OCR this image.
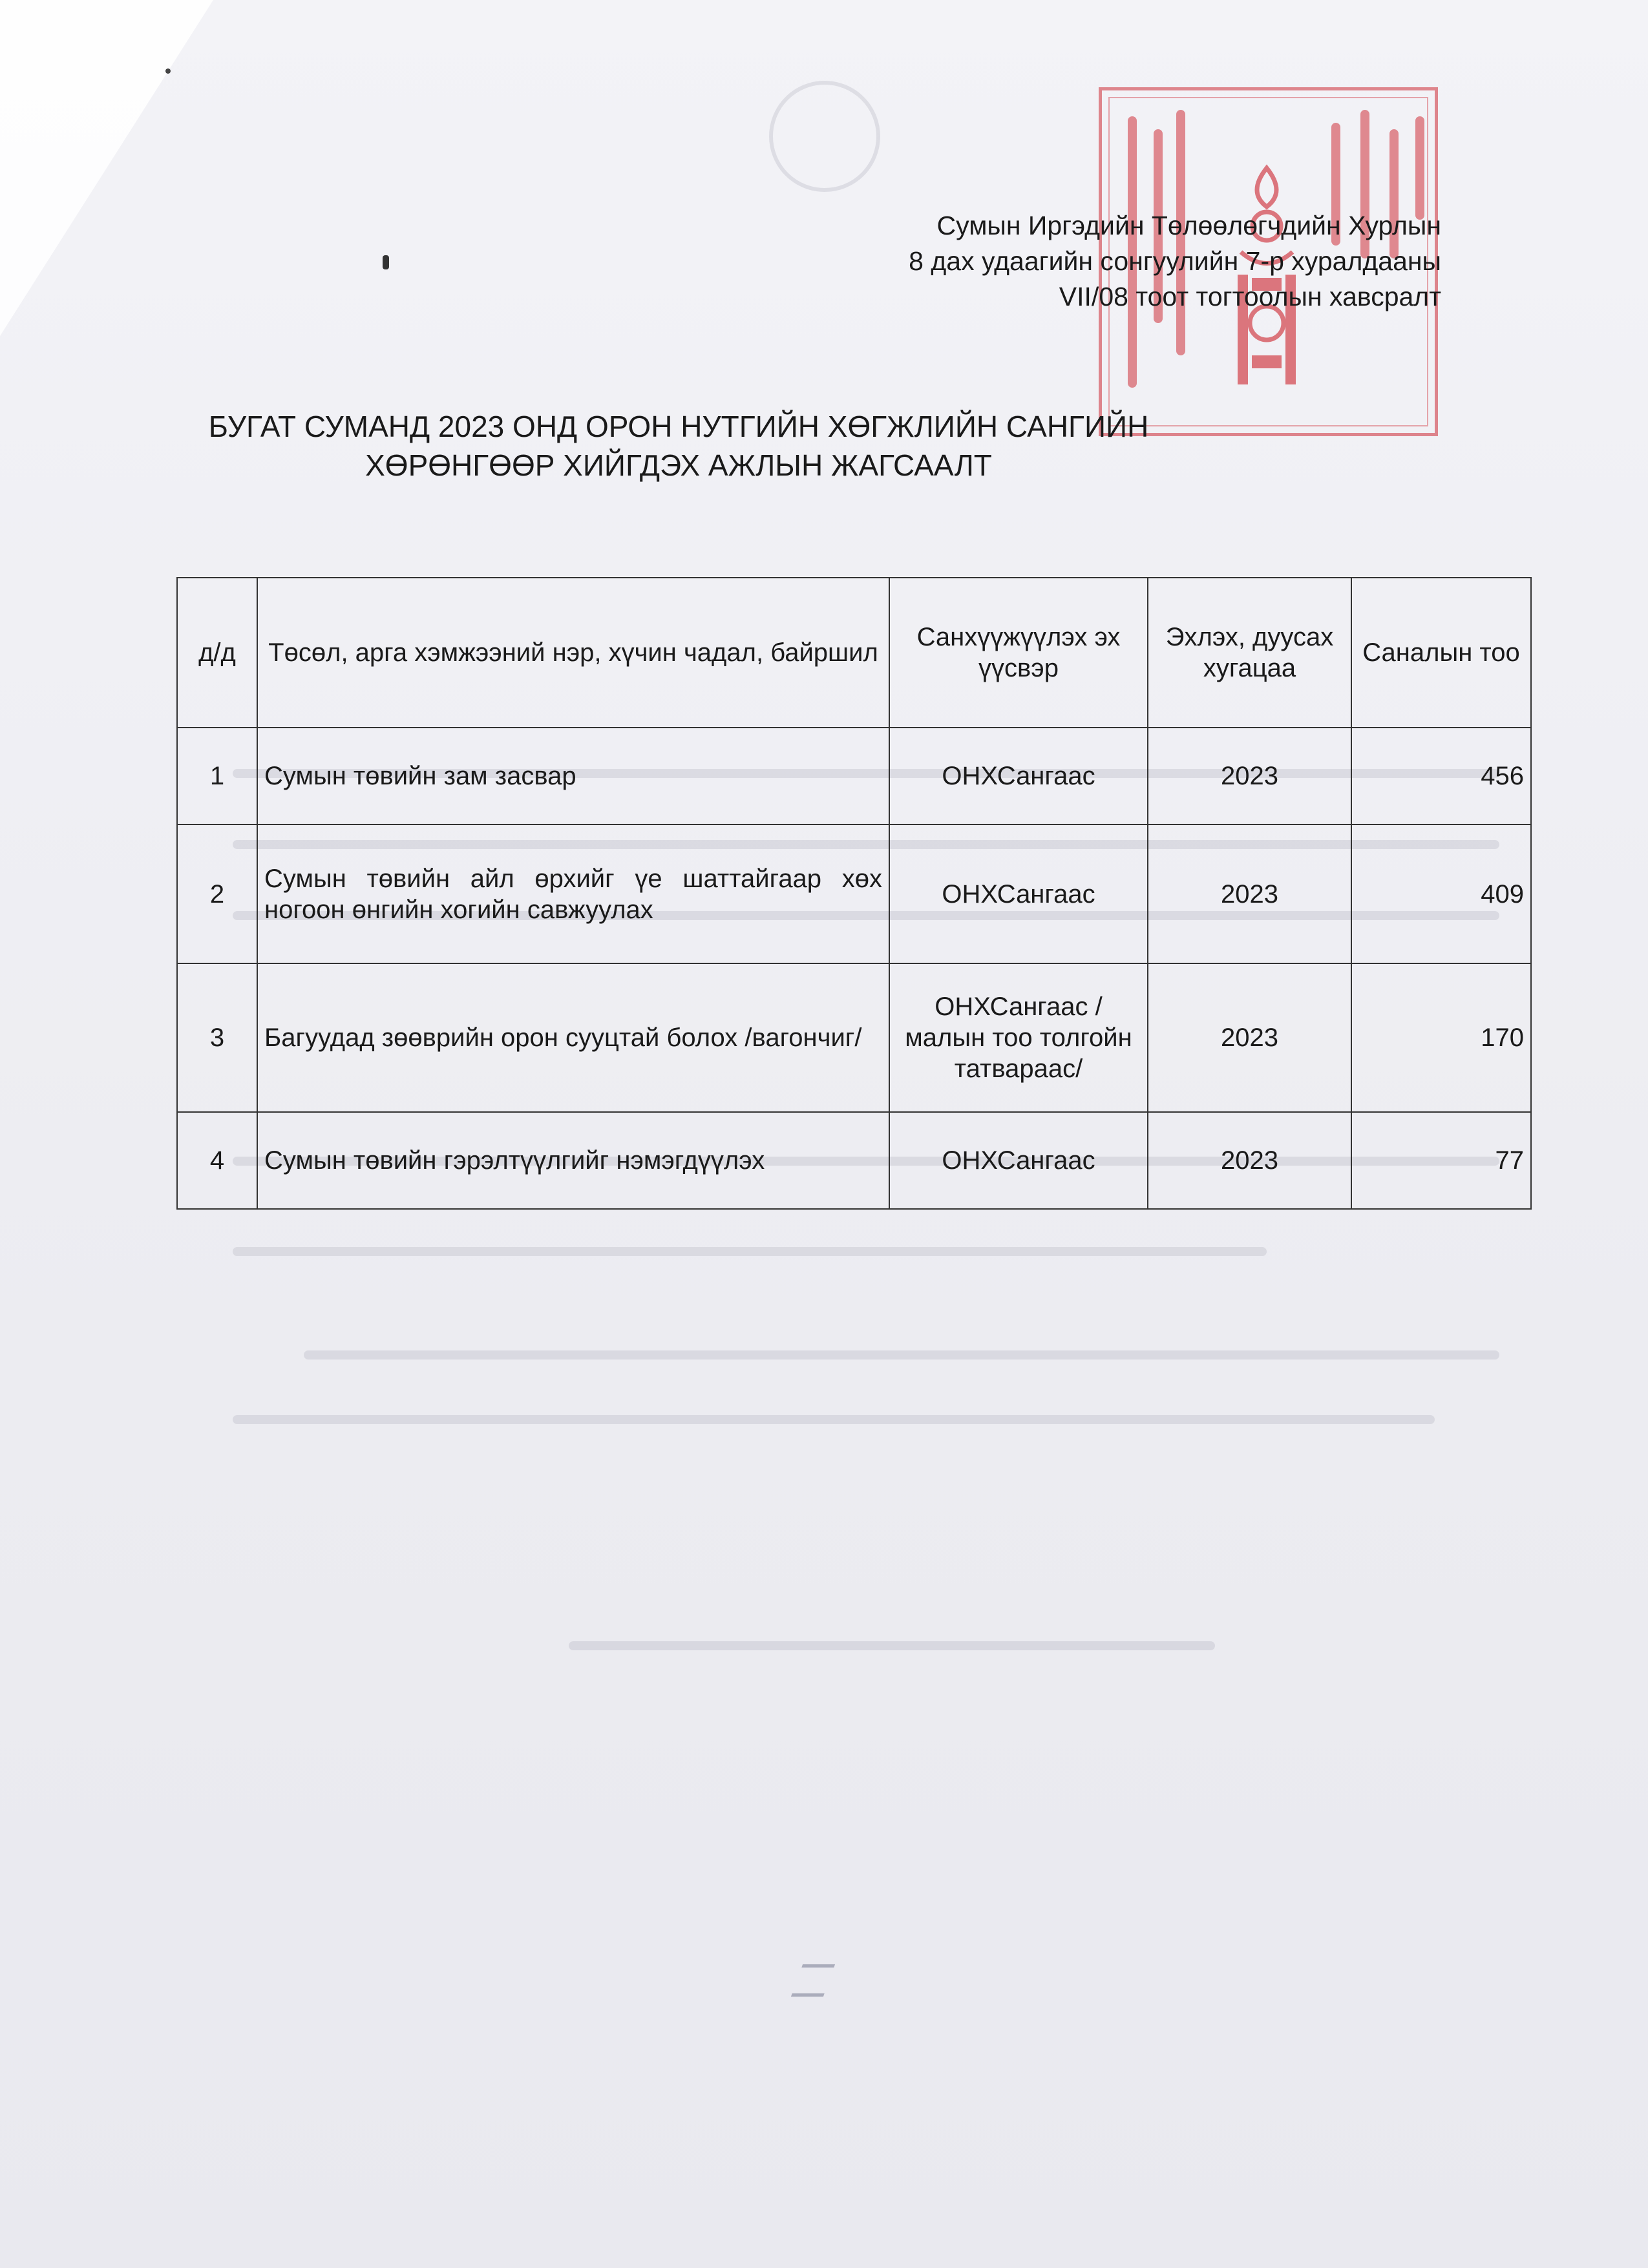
Сумын Иргэдийн Төлөөлөгчдийн Хурлын
8 дах удаагийн сонгуулийн 7-р хуралдааны
VII/08 тоот тогтоолын хавсралт
БУГАТ СУМАНД 2023 ОНД ОРОН НУТГИЙН ХӨГЖЛИЙН САНГИЙН
ХӨРӨНГӨӨР ХИЙГДЭХ АЖЛЫН ЖАГСААЛТ
д/д	Төсөл, арга хэмжээний нэр, хүчин чадал, байршил	Санхүүжүүлэх эх үүсвэр	Эхлэх, дуусах хугацаа	Саналын тоо
1	Сумын төвийн зам засвар	ОНХСангаас	2023	456
2	Сумын төвийн айл өрхийг үе шаттайгаар хөх ногоон өнгийн хогийн савжуулах	ОНХСангаас	2023	409
3	Багуудад зөөврийн орон сууцтай болох /вагончиг/	ОНХСангаас /малын тоо толгойн татвараас/	2023	170
4	Сумын төвийн гэрэлтүүлгийг нэмэгдүүлэх	ОНХСангаас	2023	77
